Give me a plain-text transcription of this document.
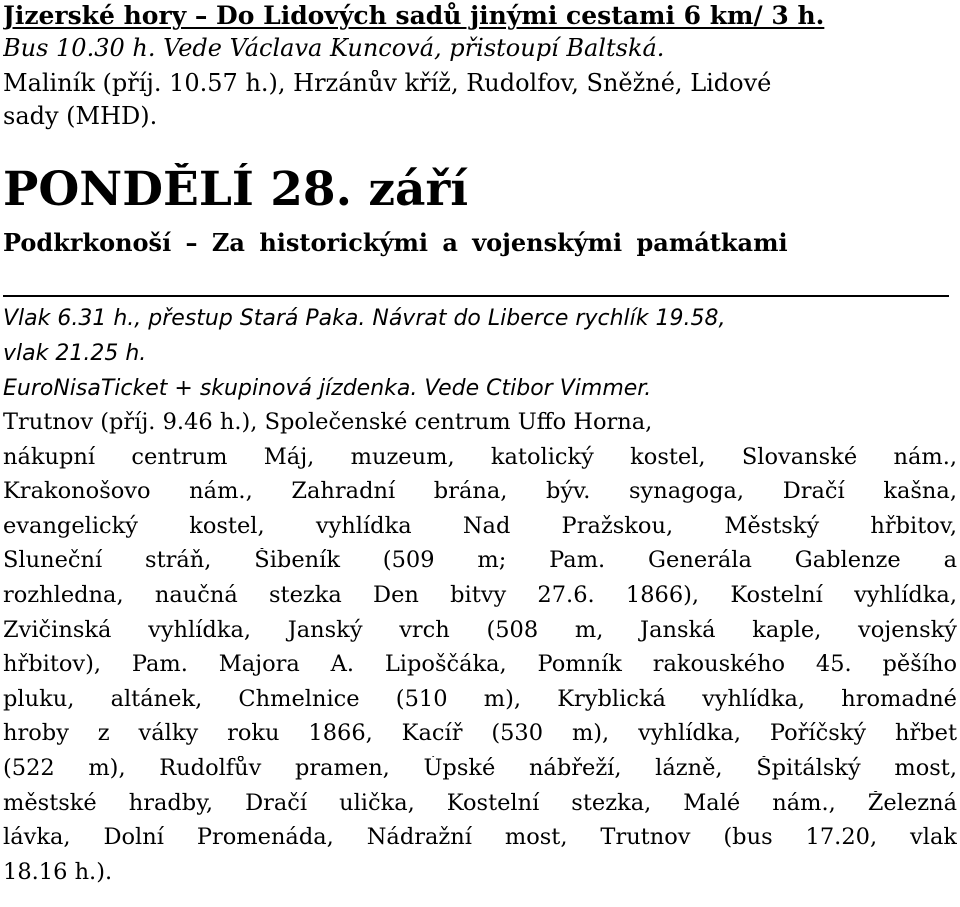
Jizerské hory – Do Lidových sadů jinými cestami 6 km/ 3 h.
Bus 10.30 h. Vede Václava Kuncová, přistoupí Baltská.
Maliník (příj. 10.57 h.), Hrzánův kříž, Rudolfov, Sněžné, Lidové
sady (MHD).
PONDĚLÍ 28. září
Podkrkonoší – Za historickými a vojenskými památkami
Vlak 6.31 h., přestup Stará Paka. Návrat do Liberce rychlík 19.58,
vlak 21.25 h.
EuroNisaTicket + skupinová jízdenka. Vede Ctibor Vimmer.
Trutnov (příj. 9.46 h.), Společenské centrum Uffo Horna,
nákupní centrum Máj, muzeum, katolický kostel, Slovanské nám.,
Krakonošovo nám., Zahradní brána, býv. synagoga, Dračí kašna,
evangelický kostel, vyhlídka Nad Pražskou, Městský hřbitov,
Sluneční stráň, Šibeník (509 m; Pam. Generála Gablenze a
rozhledna, naučná stezka Den bitvy 27.6. 1866), Kostelní vyhlídka,
Zvičinská vyhlídka, Janský vrch (508 m, Janská kaple, vojenský
hřbitov), Pam. Majora A. Lipoščáka, Pomník rakouského 45. pěšího
pluku, altánek, Chmelnice (510 m), Kryblická vyhlídka, hromadné
hroby z války roku 1866, Kacíř (530 m), vyhlídka, Poříčský hřbet
(522 m), Rudolfův pramen, Úpské nábřeží, lázně, Špitálský most,
městské hradby, Dračí ulička, Kostelní stezka, Malé nám., Železná
lávka, Dolní Promenáda, Nádražní most, Trutnov (bus 17.20, vlak
18.16 h.).
